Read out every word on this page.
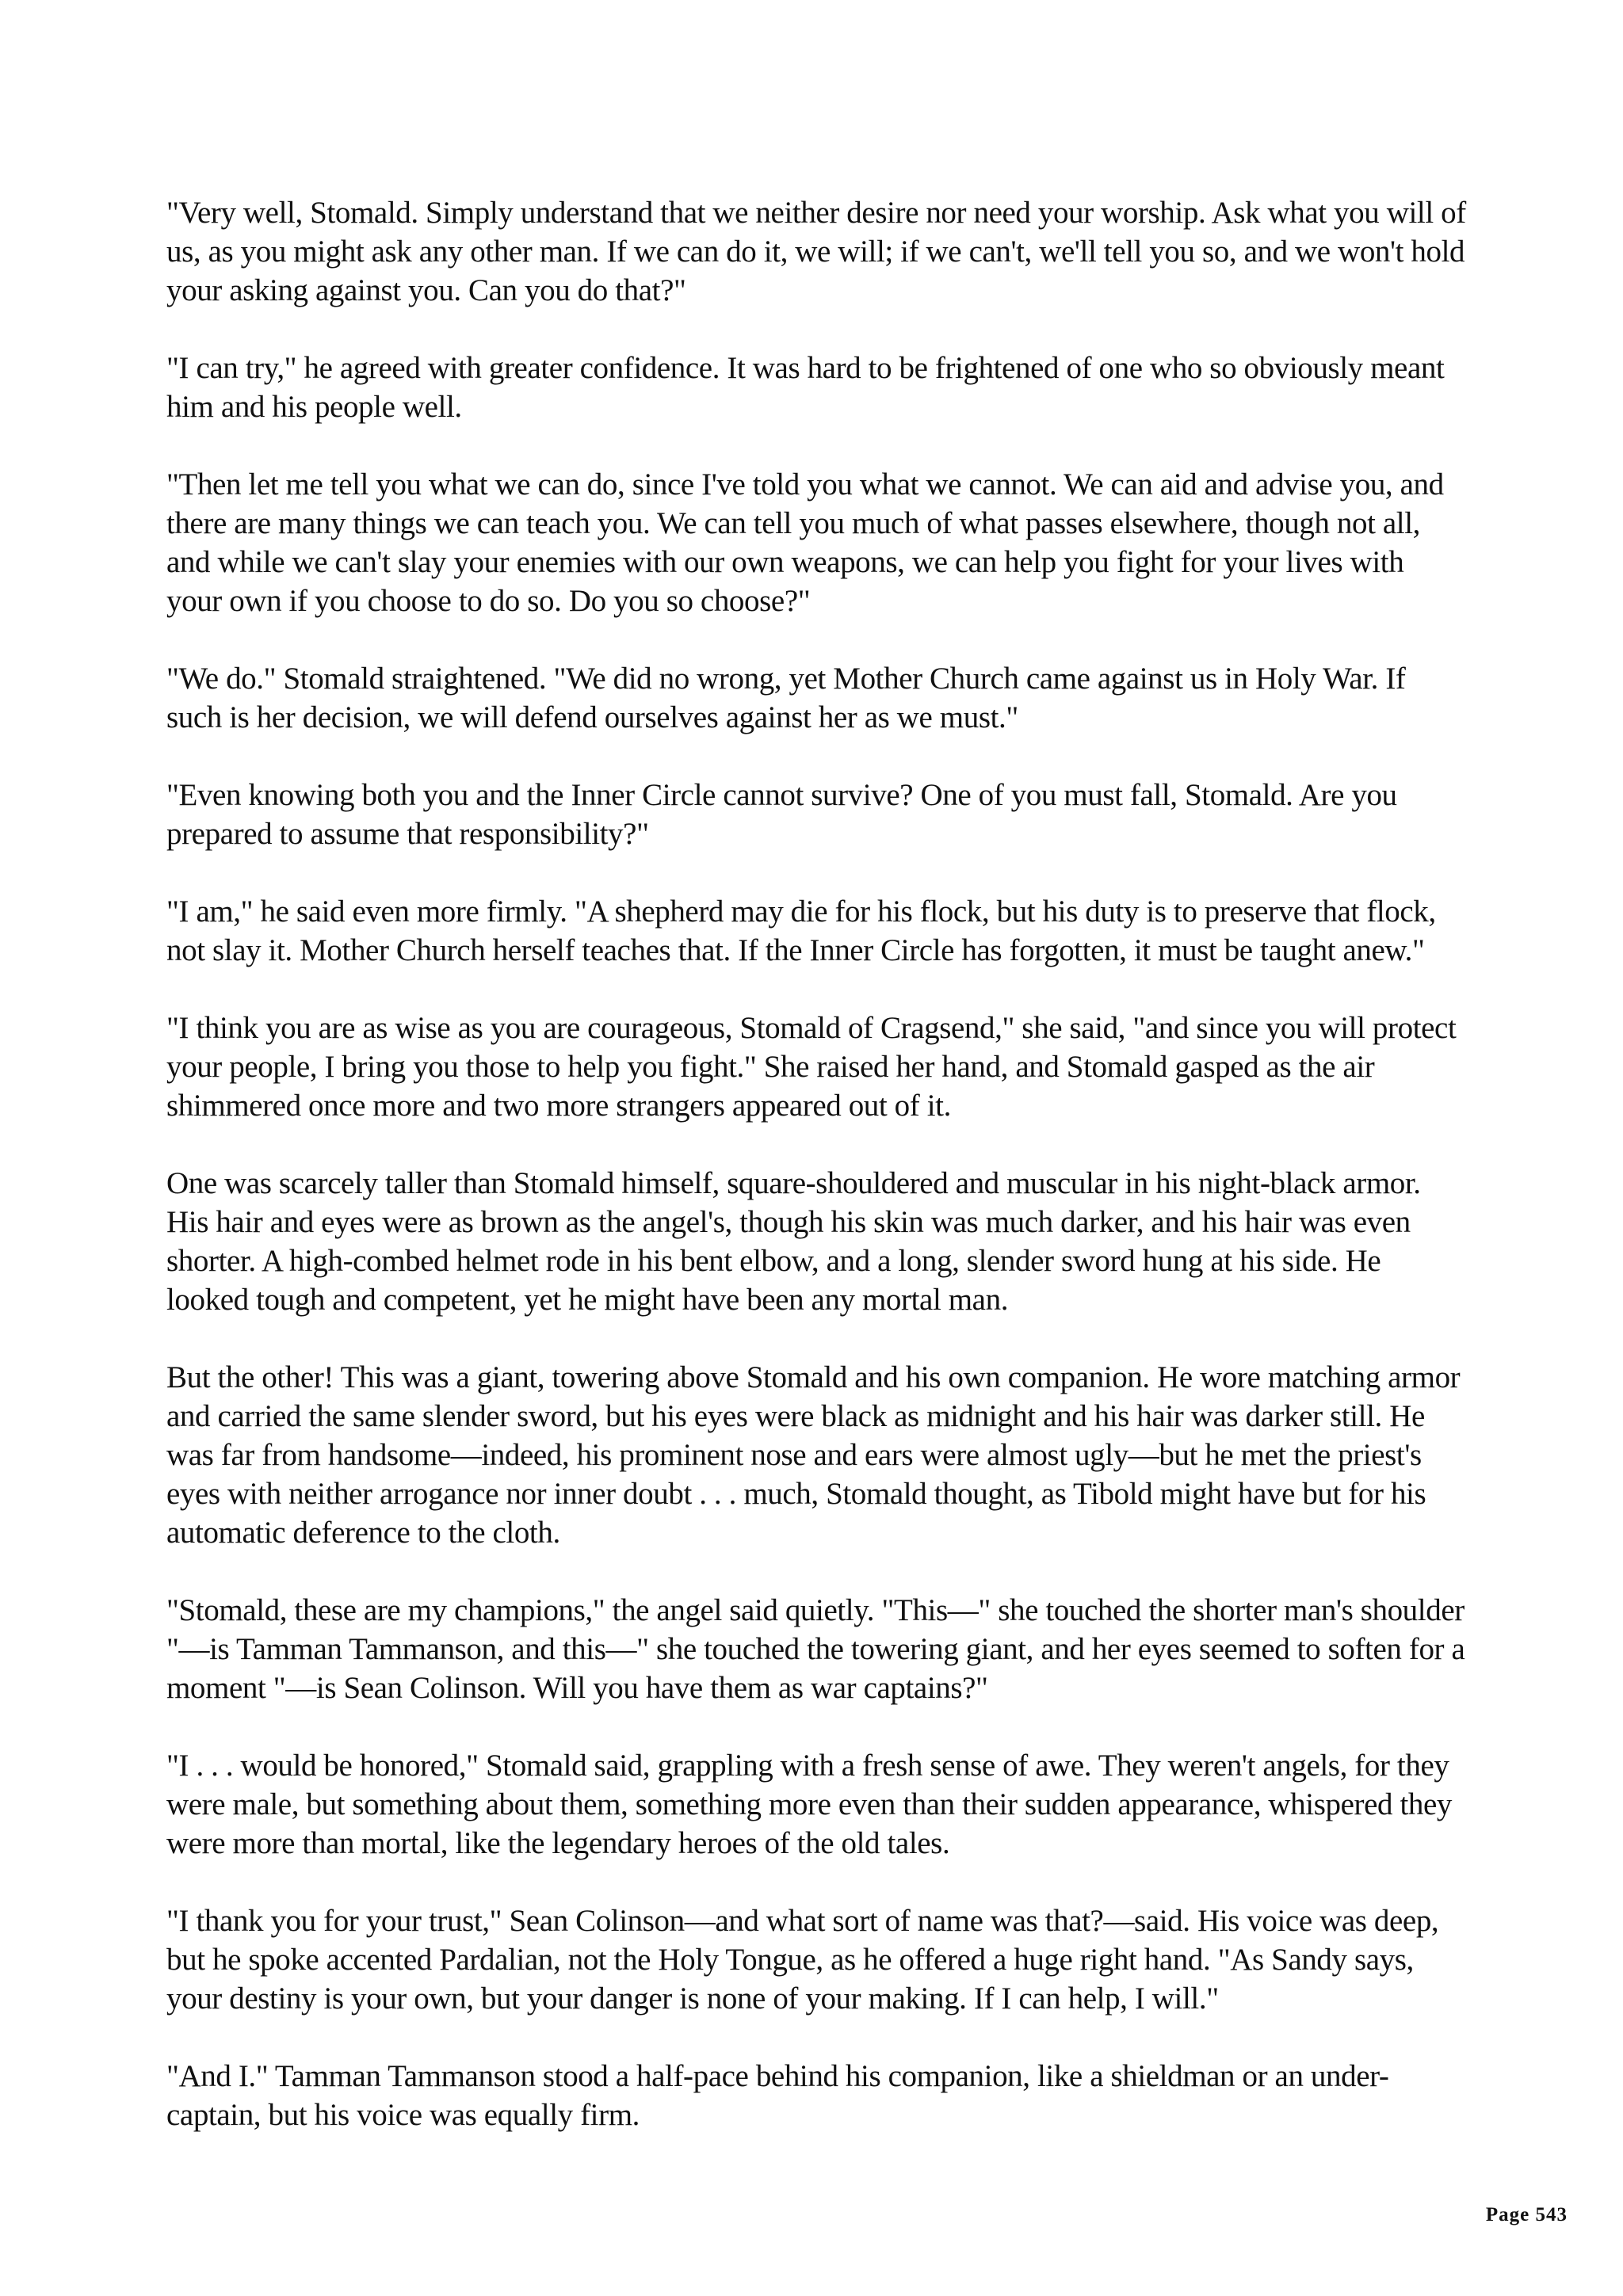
"Very well, Stomald. Simply understand that we neither desire nor need your worship. Ask what you will of us, as you might ask any other man. If we can do it, we will; if we can't, we'll tell you so, and we won't hold your asking against you. Can you do that?"

"I can try," he agreed with greater confidence. It was hard to be frightened of one who so obviously meant him and his people well.

"Then let me tell you what we can do, since I've told you what we cannot. We can aid and advise you, and there are many things we can teach you. We can tell you much of what passes elsewhere, though not all, and while we can't slay your enemies with our own weapons, we can help you fight for your lives with your own if you choose to do so. Do you so choose?"

"We do." Stomald straightened. "We did no wrong, yet Mother Church came against us in Holy War. If such is her decision, we will defend ourselves against her as we must."

"Even knowing both you and the Inner Circle cannot survive? One of you must fall, Stomald. Are you prepared to assume that responsibility?"

"I am," he said even more firmly. "A shepherd may die for his flock, but his duty is to preserve that flock, not slay it. Mother Church herself teaches that. If the Inner Circle has forgotten, it must be taught anew."

"I think you are as wise as you are courageous, Stomald of Cragsend," she said, "and since you will protect your people, I bring you those to help you fight." She raised her hand, and Stomald gasped as the air shimmered once more and two more strangers appeared out of it.

One was scarcely taller than Stomald himself, square-shouldered and muscular in his night-black armor. His hair and eyes were as brown as the angel's, though his skin was much darker, and his hair was even shorter. A high-combed helmet rode in his bent elbow, and a long, slender sword hung at his side. He looked tough and competent, yet he might have been any mortal man.

But the other! This was a giant, towering above Stomald and his own companion. He wore matching armor and carried the same slender sword, but his eyes were black as midnight and his hair was darker still. He was far from handsome—indeed, his prominent nose and ears were almost ugly—but he met the priest's eyes with neither arrogance nor inner doubt . . . much, Stomald thought, as Tibold might have but for his automatic deference to the cloth.

"Stomald, these are my champions," the angel said quietly. "This—" she touched the shorter man's shoulder "—is Tamman Tammanson, and this—" she touched the towering giant, and her eyes seemed to soften for a moment "—is Sean Colinson. Will you have them as war captains?"

"I . . . would be honored," Stomald said, grappling with a fresh sense of awe. They weren't angels, for they were male, but something about them, something more even than their sudden appearance, whispered they were more than mortal, like the legendary heroes of the old tales.

"I thank you for your trust," Sean Colinson—and what sort of name was that?—said. His voice was deep, but he spoke accented Pardalian, not the Holy Tongue, as he offered a huge right hand. "As Sandy says, your destiny is your own, but your danger is none of your making. If I can help, I will."

"And I." Tamman Tammanson stood a half-pace behind his companion, like a shieldman or an under-captain, but his voice was equally firm.

Page 543
